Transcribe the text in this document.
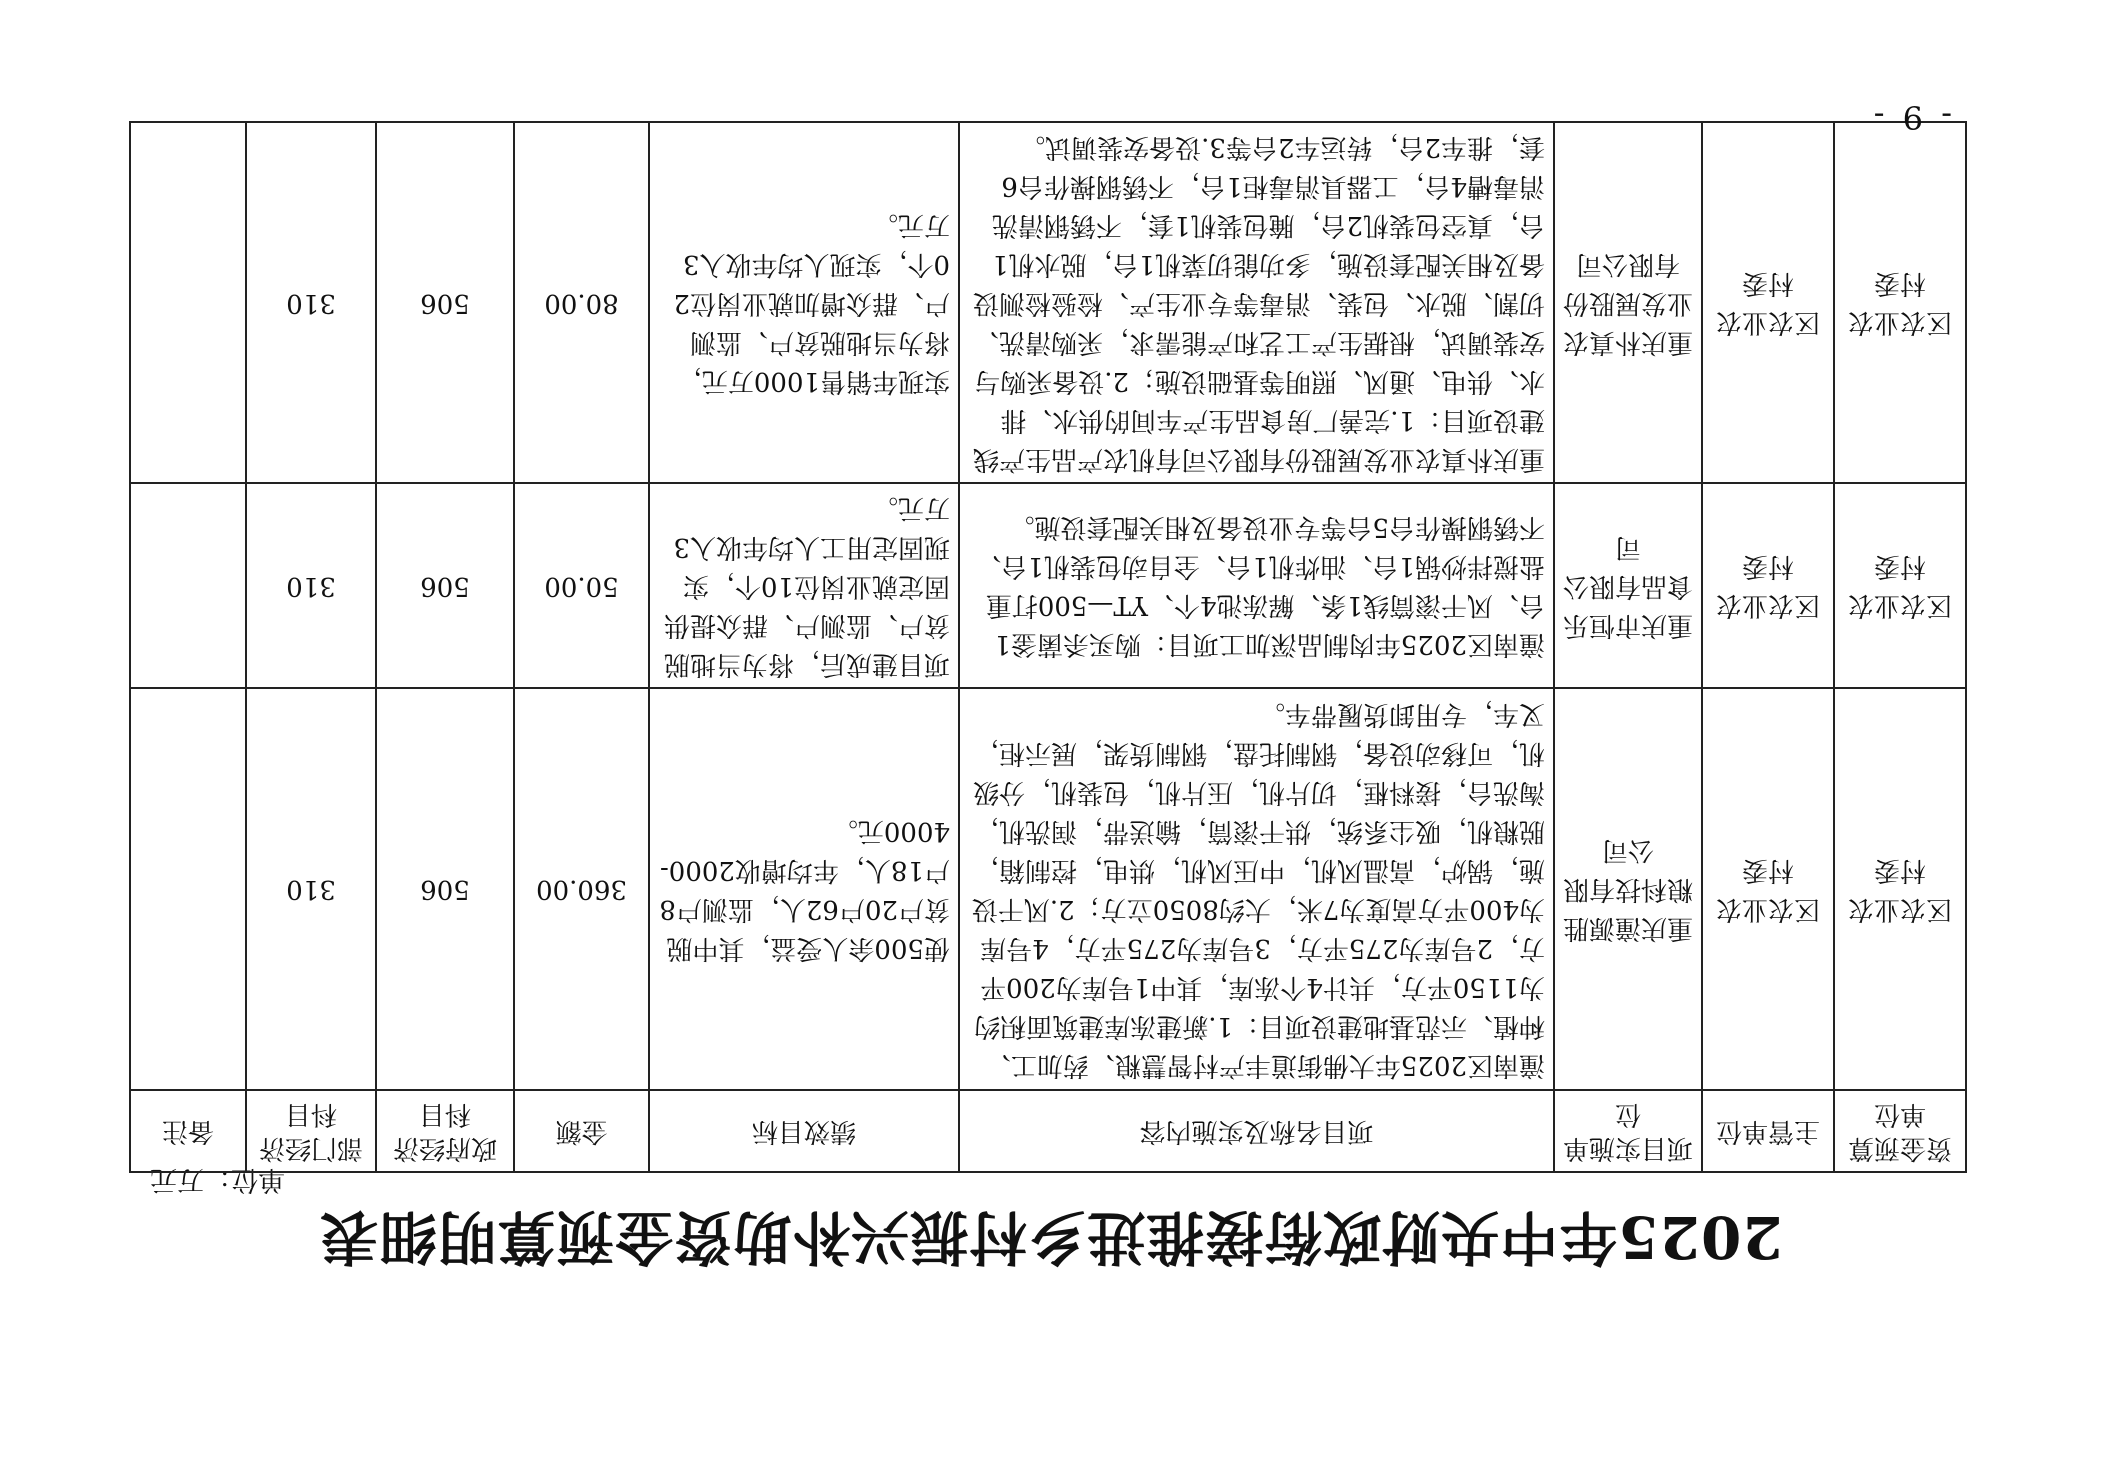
2025年中央财政衔接推进乡村振兴补助资金预算明细表
单位：万元
资金预算单位	主管单位	项目实施单位	项目名称及实施内容	绩效目标	金额	政府经济科目	部门经济科目	备注
区农业农村委	区农业农村委	重庆潼源胜粮科技有限公司	潼南区2025年大佛街道丰产村智慧粮、药加工、种植、示范基地建设项目：1.新建冻库建筑面积约为1150平方，共计4个冻库，其中1号库为200平方，2号库为275平方，3号库为275平方，4号库为400平方高度为7米，大约8050立方；2.风干设施，锅炉，高温风机，中压风机，烘电，控制箱，脱粮机，吸尘系统，烘干滚筒，输送带，润洗机，淘洗台，接料框，切片机，压片机，包装机，分级机，可移动设备，钢制托盘，钢制货架，展示柜，叉车，专用卸货履带车。	使500余人受益，其中脱贫户20户62人，监测户8户18人，年均增收2000-4000元。	360.00	506	310	
区农业农村委	区农业农村委	重庆市恒乐食品有限公司	潼南区2025年肉制品深加工项目：购买杀菌釜1台、风干滚筒线1条、解冻池4个、YT—500打重盐搅拌炒锅1台、油炸机1台、全自动包装机1台、不锈钢操作台5台等专业设备及相关配套设施。	项目建成后，将为当地脱贫户、监测户、群众提供固定就业岗位10个，实现固定用工人均年收入3万元。	50.00	506	310	
区农业农村委	区农业农村委	重庆朴真农业发展股份有限公司	重庆朴真农业发展股份有限公司有机农产品生产线建设项目：1.完善厂房食品生产车间的供水、排水、供电、通风、照明等基础设施；2.设备采购与安装调试，根据生产工艺和产能需求，采购清洗、切割、脱水、包装、消毒等专业生产、检验检测设备及相关配套设施，多功能切菜机1台，脱水机1台，真空包装机2台，腌包装机1套，不锈钢清洗消毒槽4台，工器具消毒柜1台，不锈钢操作台6套，推车2台，转运车2台等3.设备安装调试。	实现年销售1000万元，将为当地脱贫户、监测户、群众增加就业岗位20个，实现人均年收入3万元。	80.00	506	310	
- 9 -
